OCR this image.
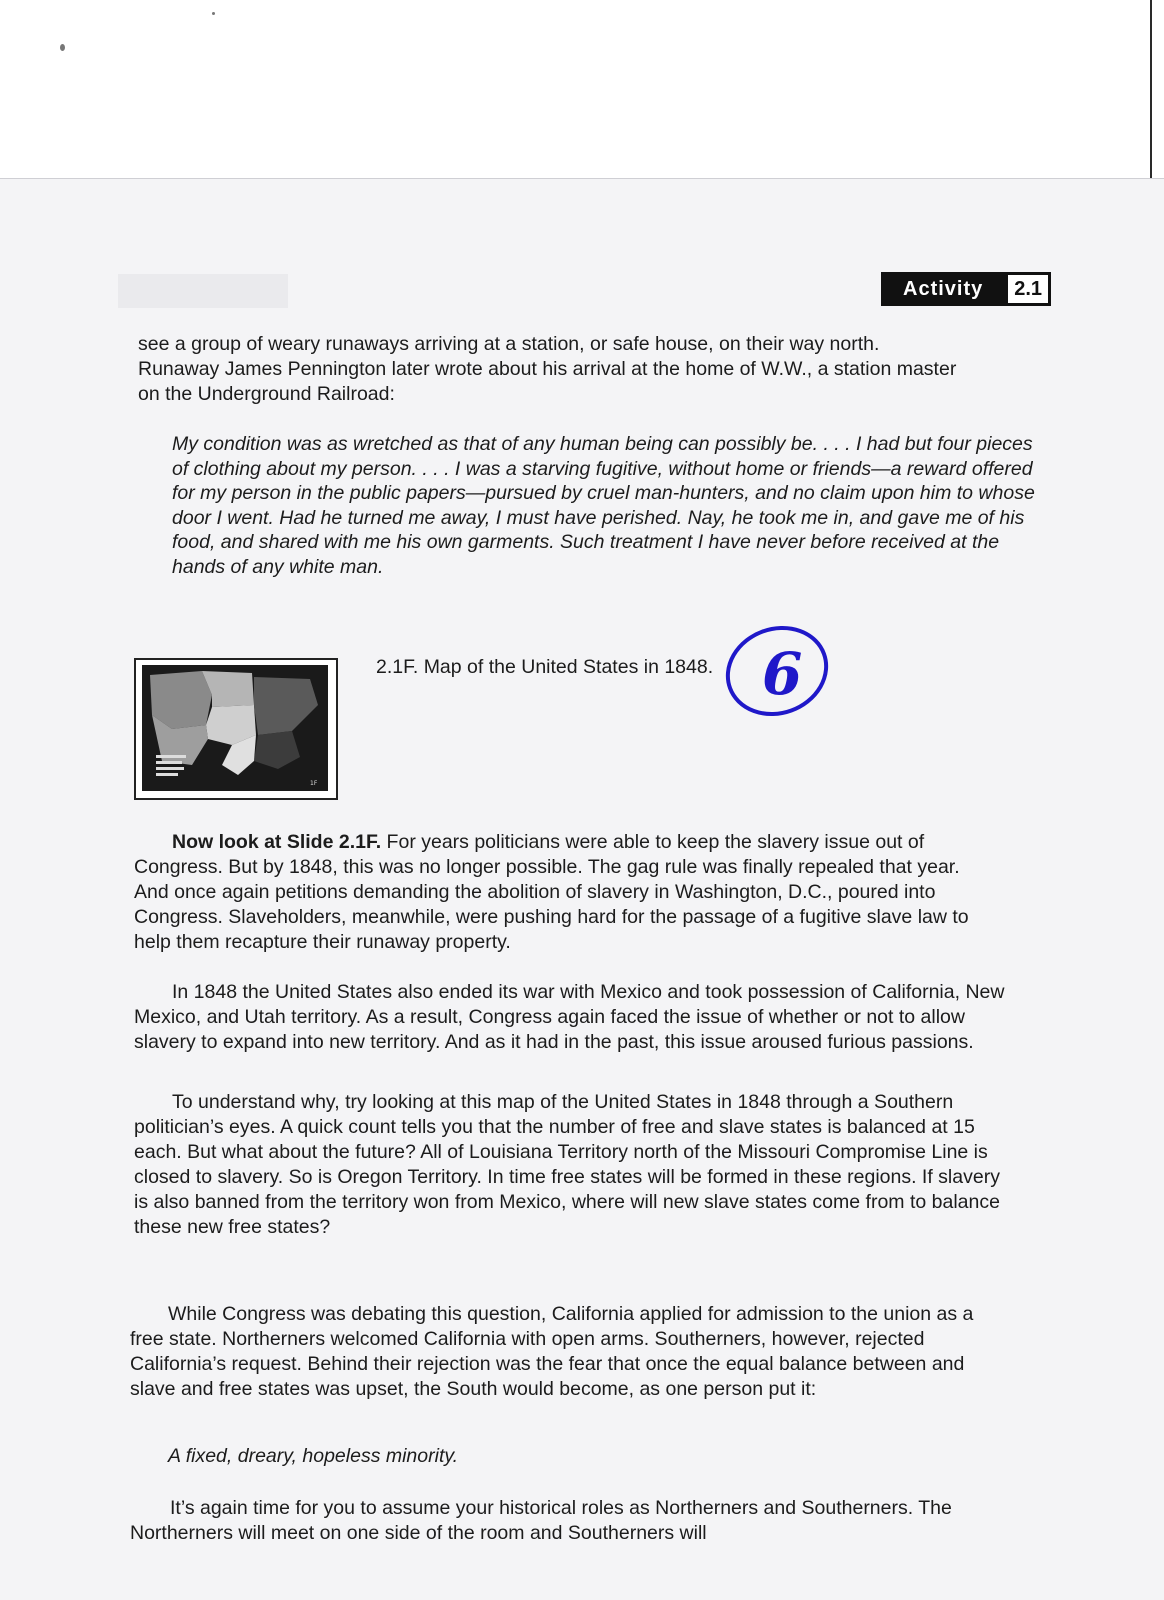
Activity	2.1

see a group of weary runaways arriving at a station, or safe house, on their way north. Runaway James Pennington later wrote about his arrival at the home of W.W., a station master on the Underground Railroad:

My condition was as wretched as that of any human being can possibly be. . . . I had but four pieces of clothing about my person. . . . I was a starving fugitive, without home or friends—a reward offered for my person in the public papers—pursued by cruel man-hunters, and no claim upon him to whose door I went. Had he turned me away, I must have perished. Nay, he took me in, and gave me of his food, and shared with me his own garments. Such treatment I have never before received at the hands of any white man.

1F
2.1F. Map of the United States in 1848. 6

Now look at Slide 2.1F. For years politicians were able to keep the slavery issue out of Congress. But by 1848, this was no longer possible. The gag rule was finally repealed that year. And once again petitions demanding the abolition of slavery in Washington, D.C., poured into Congress. Slaveholders, meanwhile, were pushing hard for the passage of a fugitive slave law to help them recapture their runaway property.

In 1848 the United States also ended its war with Mexico and took possession of California, New Mexico, and Utah territory. As a result, Congress again faced the issue of whether or not to allow slavery to expand into new territory. And as it had in the past, this issue aroused furious passions.

To understand why, try looking at this map of the United States in 1848 through a Southern politician’s eyes. A quick count tells you that the number of free and slave states is balanced at 15 each. But what about the future? All of Louisiana Territory north of the Missouri Compromise Line is closed to slavery. So is Oregon Territory. In time free states will be formed in these regions. If slavery is also banned from the territory won from Mexico, where will new slave states come from to balance these new free states?

While Congress was debating this question, California applied for admission to the union as a free state. Northerners welcomed California with open arms. Southerners, however, rejected California’s request. Behind their rejection was the fear that once the equal balance between and slave and free states was upset, the South would become, as one person put it:

A fixed, dreary, hopeless minority.

It’s again time for you to assume your historical roles as Northerners and Southerners. The Northerners will meet on one side of the room and Southerners will
